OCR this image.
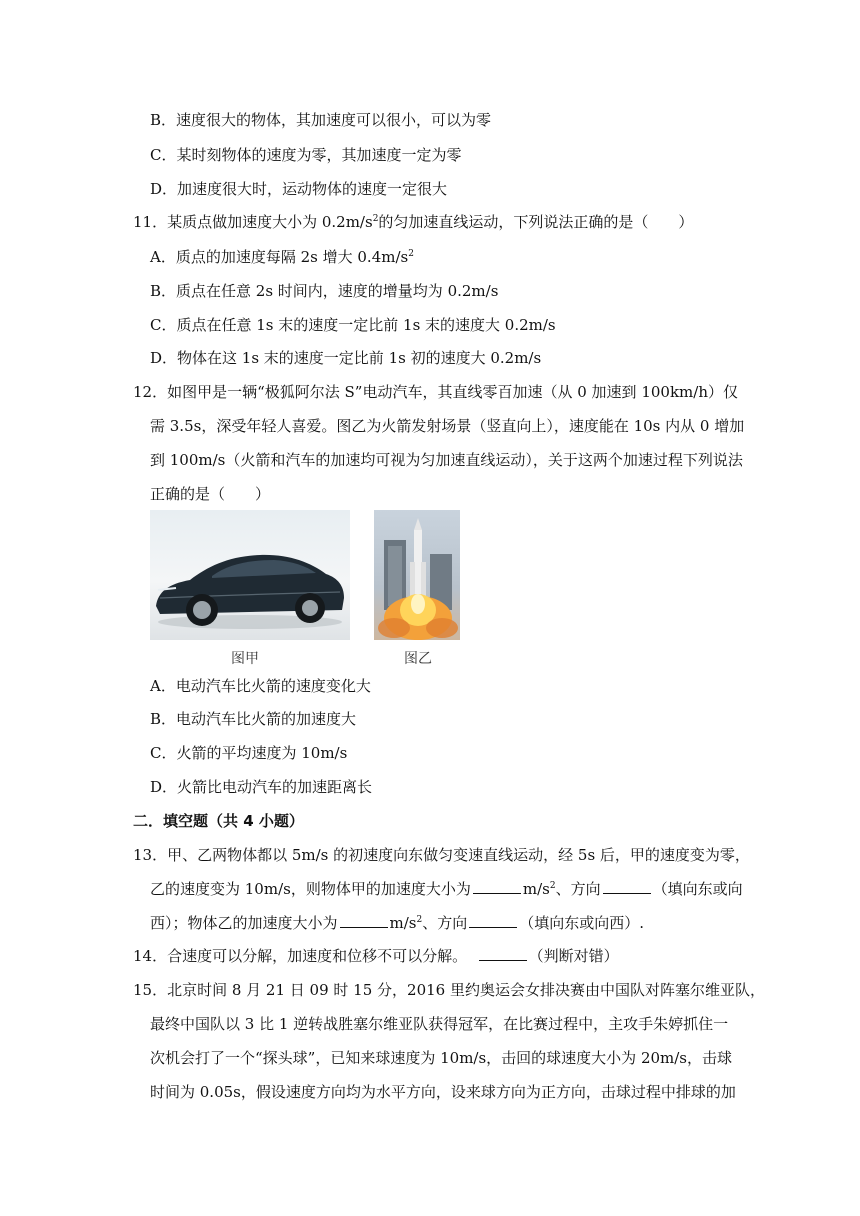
B．速度很大的物体，其加速度可以很小，可以为零
C．某时刻物体的速度为零，其加速度一定为零
D．加速度很大时，运动物体的速度一定很大
11．某质点做加速度大小为 $0.2m/s^2$的匀加速直线运动，下列说法正确的是（　　）
A．质点的加速度每隔 2s 增大 $0.4m/s^2$
B．质点在任意 2s 时间内，速度的增量均为 0.2m/s
C．质点在任意 1s 末的速度一定比前 1s 末的速度大 0.2m/s
D．物体在这 1s 末的速度一定比前 1s 初的速度大 0.2m/s
12．如图甲是一辆“极狐阿尔法 S”电动汽车，其直线零百加速（从 0 加速到 100km/h）仅
需 3.5s，深受年轻人喜爱。图乙为火箭发射场景（竖直向上），速度能在 10s 内从 0 增加
到 100m/s（火箭和汽车的加速均可视为匀加速直线运动），关于这两个加速过程下列说法
正确的是（　　）
图甲	图乙
A．电动汽车比火箭的速度变化大
B．电动汽车比火箭的加速度大
C．火箭的平均速度为 10m/s
D．火箭比电动汽车的加速距离长
二．填空题（共 4 小题）
13．甲、乙两物体都以 5m/s 的初速度向东做匀变速直线运动，经 5s 后，甲的速度变为零，
乙的速度变为 10m/s，则物体甲的加速度大小为	$m/s^2$、方向	（填向东或向
西）；物体乙的加速度大小为	$m/s^2$、方向	（填向东或向西）.
14．合速度可以分解，加速度和位移不可以分解。	（判断对错）
15．北京时间 8 月 21 日 09 时 15 分，2016 里约奥运会女排决赛由中国队对阵塞尔维亚队，
最终中国队以 3 比 1 逆转战胜塞尔维亚队获得冠军，在比赛过程中，主攻手朱婷抓住一
次机会打了一个“探头球”，已知来球速度为 10m/s，击回的球速度大小为 20m/s，击球
时间为 0.05s，假设速度方向均为水平方向，设来球方向为正方向，击球过程中排球的加
